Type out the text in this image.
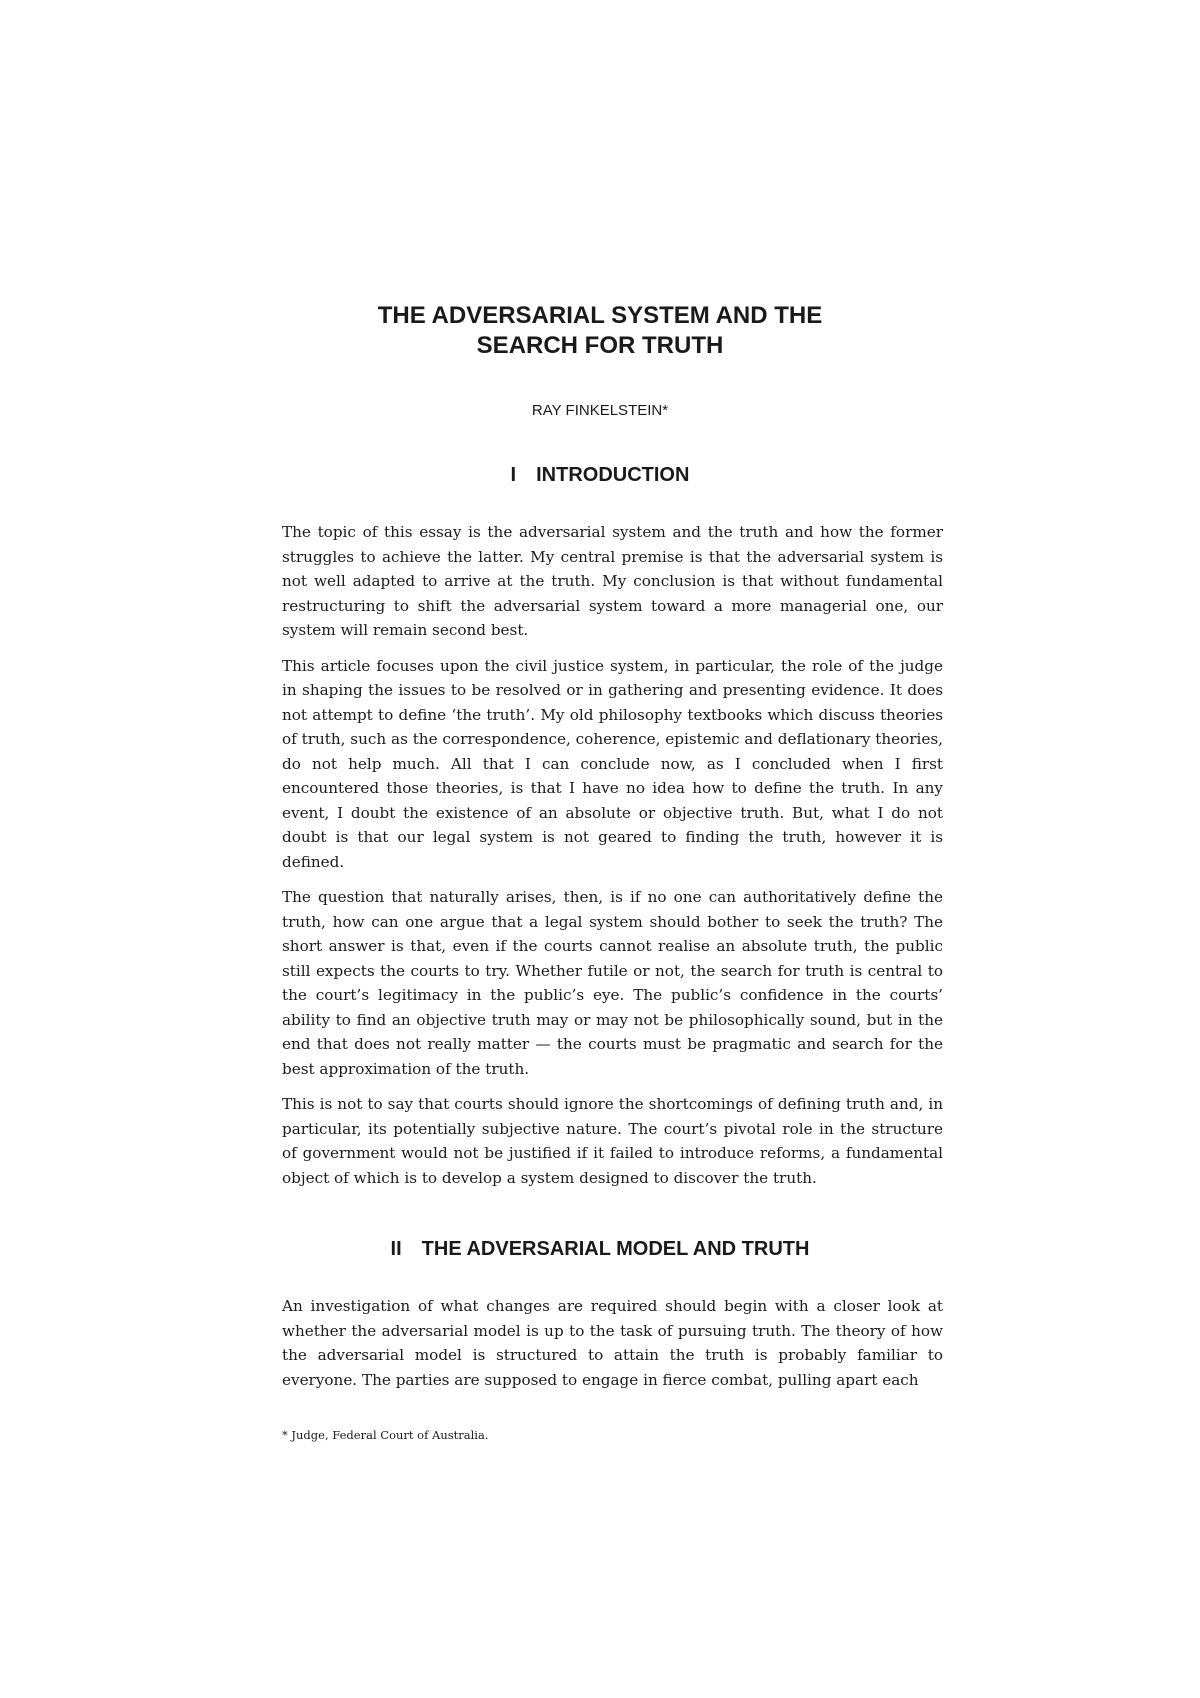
THE ADVERSARIAL SYSTEM AND THE
SEARCH FOR TRUTH

RAY FINKELSTEIN*

I INTRODUCTION

The topic of this essay is the adversarial system and the truth and how the former struggles to achieve the latter. My central premise is that the adversarial system is not well adapted to arrive at the truth. My conclusion is that without fundamental restructuring to shift the adversarial system toward a more managerial one, our system will remain second best.

This article focuses upon the civil justice system, in particular, the role of the judge in shaping the issues to be resolved or in gathering and presenting evidence. It does not attempt to define ‘the truth’. My old philosophy textbooks which discuss theories of truth, such as the correspondence, coherence, epistemic and deflationary theories, do not help much. All that I can conclude now, as I concluded when I first encountered those theories, is that I have no idea how to define the truth. In any event, I doubt the existence of an absolute or objective truth. But, what I do not doubt is that our legal system is not geared to finding the truth, however it is defined.

The question that naturally arises, then, is if no one can authoritatively define the truth, how can one argue that a legal system should bother to seek the truth? The short answer is that, even if the courts cannot realise an absolute truth, the public still expects the courts to try. Whether futile or not, the search for truth is central to the court’s legitimacy in the public’s eye. The public’s confidence in the courts’ ability to find an objective truth may or may not be philosophically sound, but in the end that does not really matter — the courts must be pragmatic and search for the best approximation of the truth.

This is not to say that courts should ignore the shortcomings of defining truth and, in particular, its potentially subjective nature. The court’s pivotal role in the structure of government would not be justified if it failed to introduce reforms, a fundamental object of which is to develop a system designed to discover the truth.

II THE ADVERSARIAL MODEL AND TRUTH

An investigation of what changes are required should begin with a closer look at whether the adversarial model is up to the task of pursuing truth. The theory of how the adversarial model is structured to attain the truth is probably familiar to everyone. The parties are supposed to engage in fierce combat, pulling apart each

* Judge, Federal Court of Australia.
